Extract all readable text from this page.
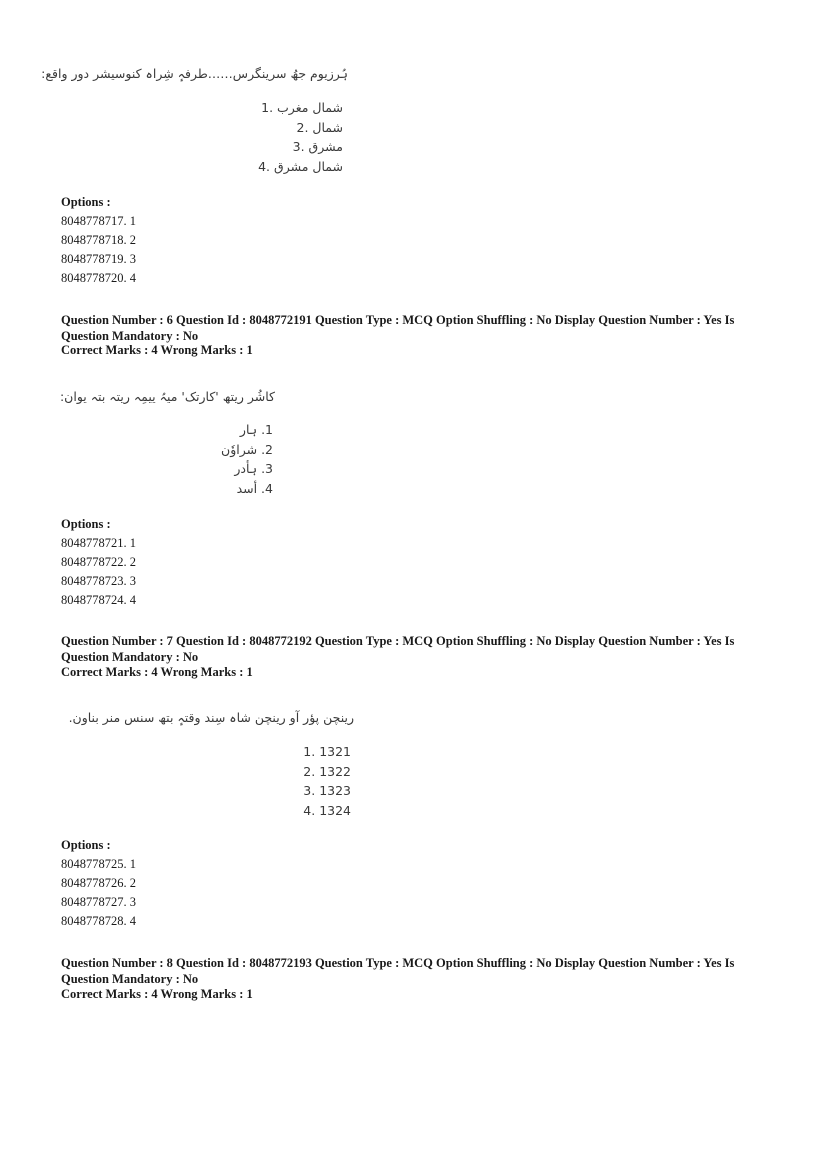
ہُرزیوم جھُ سرینگرس……طرفہٕ شِراہ کنوسیشر دور واقع:
شمال مغرب .1
شمال .2
مشرق .3
شمال مشرق .4
Options :
8048778717. 1
8048778718. 2
8048778719. 3
8048778720. 4
Question Number : 6 Question Id : 8048772191 Question Type : MCQ Option Shuffling : No Display Question Number : Yes Is
Question Mandatory : No
Correct Marks : 4 Wrong Marks : 1
کاشُر ریتھ 'کارتک' میہُ ییمِہ ریتہ بتہ یوان:
1. ہار
2. شراوٗن
3. ہأدر
4. أسد
Options :
8048778721. 1
8048778722. 2
8048778723. 3
8048778724. 4
Question Number : 7 Question Id : 8048772192 Question Type : MCQ Option Shuffling : No Display Question Number : Yes Is
Question Mandatory : No
Correct Marks : 4 Wrong Marks : 1
رینچن پؤر آو رینچن شاہ سِند وقتہٕ بتھ سنس منر بناون.
1321 .1
1322 .2
1323 .3
1324 .4
Options :
8048778725. 1
8048778726. 2
8048778727. 3
8048778728. 4
Question Number : 8 Question Id : 8048772193 Question Type : MCQ Option Shuffling : No Display Question Number : Yes Is
Question Mandatory : No
Correct Marks : 4 Wrong Marks : 1
